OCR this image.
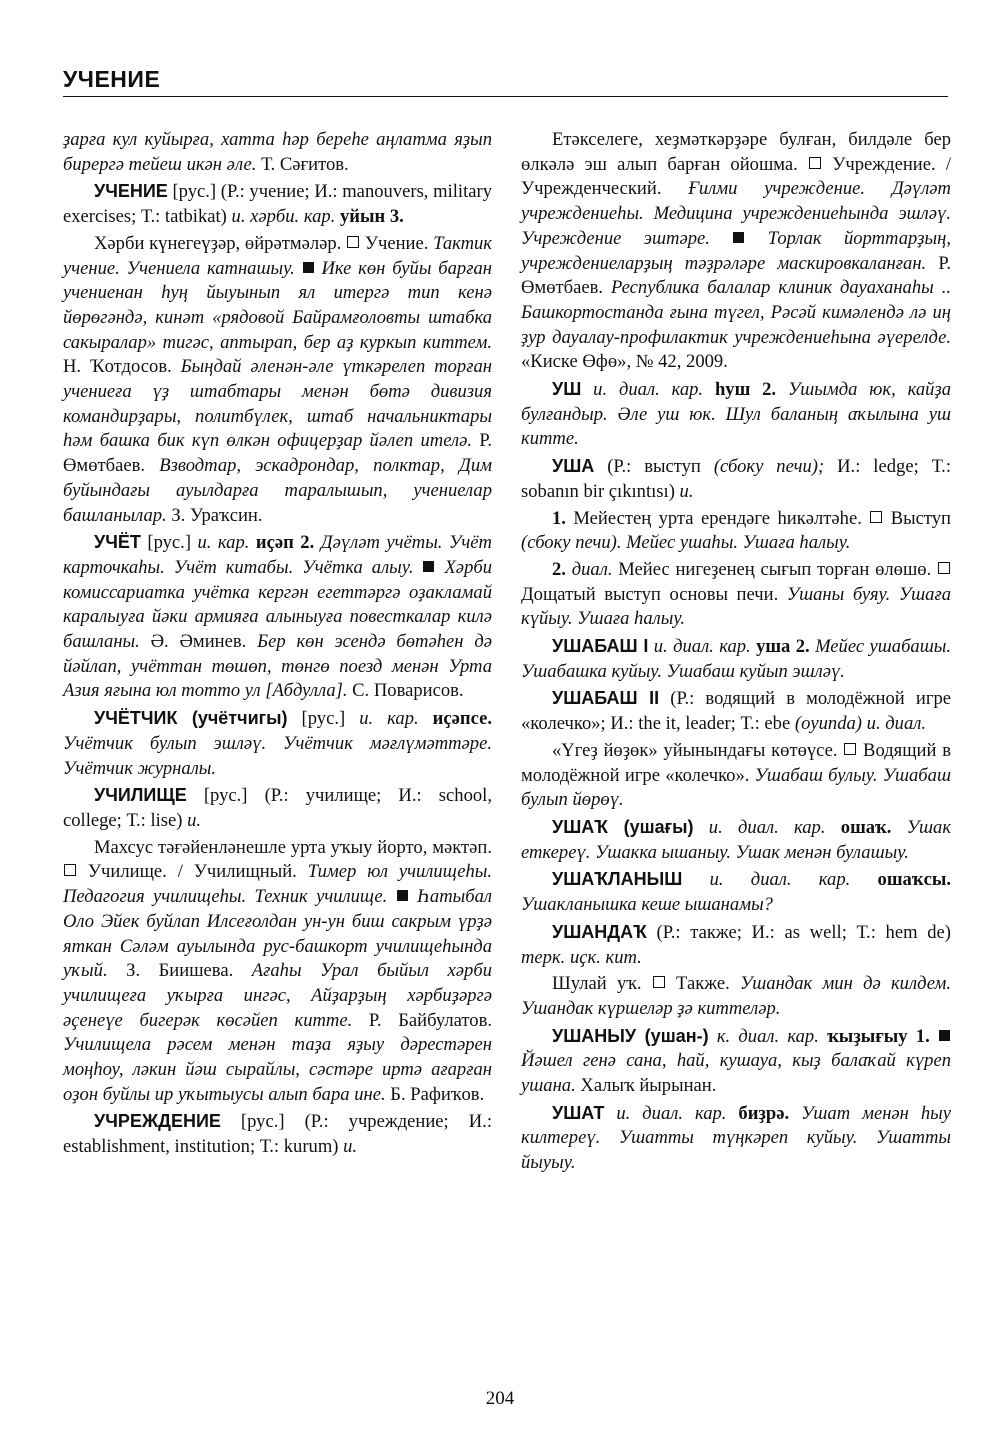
УЧЕНИЕ

ҙарға кул куйырға, хатта һәр береһе аңлатма яҙып бирергә тейеш икән әле. Т. Сәғитов.

УЧЕНИЕ [рус.] (Р.: учение; И.: manouvers, military exercises; Т.: tatbikat) и. хәрби. кар. уйын 3.

Хәрби күнегеүҙәр, өйрәтмәләр.  Учение. Тактик учение. Учениела катнашыу. Ике көн буйы барған учениенан һуң йыуынып ял итергә тип кенә йөрөгәндә, кинәт «рядовой Байрамғоловты штабка сакыралар» тигәс, аптырап, бер аҙ куркып киттем. Н. Ҡотдосов. Быңдай әленән-әле үткәрелеп торған учениеға үҙ штабтары менән бөтә дивизия командирҙары, политбүлек, штаб начальниктары һәм башка бик күп өлкән офицерҙар йәлеп ителә. Р. Өмөтбаев. Взводтар, эскадрондар, полктар, Дим буйындағы ауылдарға таралышып, учениелар башланылар. З. Ураҡсин.

УЧЁТ [рус.] и. кар. иҫәп 2. Дәүләт учёты. Учёт карточкаһы. Учёт китабы. Учётка алыу. Хәрби комиссариатка учётка кергән егеттәргә оҙакламай каралыуға йәки армияға алыныуға повесткалар килә башланы. Ә. Әминев. Бер көн эсендә бөтәһен дә йәйлап, учёттан төшөп, төнгө поезд менән Урта Азия яғына юл тотто ул [Абдулла]. С. Поварисов.

УЧЁТЧИК (учётчигы) [рус.] и. кар. иҫәпсе. Учётчик булып эшләү. Учётчик мәғлүмәттәре. Учётчик журналы.

УЧИЛИЩЕ [рус.] (Р.: училище; И.: school, college; Т.: lise) и.

Махсус тәғәйенләнешле урта уҡыу йорто, мәктәп.  Училище. / Училищный. Тимер юл училищеһы. Педагогия училищеһы. Техник училище. Һатыбал Оло Эйек буйлап Илсеғолдан ун-ун биш сакрым үрҙә яткан Сәләм ауылында рус-башкорт училищеһында уҡый. З. Биишева. Ағаһы Урал быйыл хәрби училищеға уҡырға ингәс, Айҙарҙың хәрбиҙәргә әҫенеүе бигерәк көсәйеп китте. Р. Байбулатов. Училищела рәсем менән таҙа яҙыу дәрестәрен моңһоу, ләкин йәш сырайлы, сәстәре иртә ағарған оҙон буйлы ир уҡытыусы алып бара ине. Б. Рафиҡов.

УЧРЕЖДЕНИЕ [рус.] (Р.: учреждение; И.: establishment, institution; Т.: kurum) и.

Етәкселеге, хеҙмәткәрҙәре булған, билдәле бер өлкәлә эш алып барған ойошма.  Учреждение. / Учрежденческий. Ғилми учреждение. Дәүләт учреждениеһы. Медицина учреждениеһында эшләү. Учреждение эштәре.	Торлак йорттарҙың, учреждениеларҙың тәҙрәләре маскировкаланған. Р. Өмөтбаев. Республика балалар клиник дауаханаһы .. Башкортостанда ғына түгел, Рәсәй кимәлендә лә иң ҙур дауалау-профилактик учреждениеһына әүерелде. «Киске Өфө», № 42, 2009.

УШ и. диал. кар. һуш 2. Ушымда юк, кайҙа булғандыр. Әле уш юк. Шул баланың аҡылына уш китте.

УША (Р.: выступ (сбоку печи); И.: ledge; Т.: sobanın bir çıkıntısı) и.

1. Мейестең урта ерендәге һикәлтәһе.  Выступ (сбоку печи). Мейес ушаһы. Ушаға һалыу.

2. диал. Мейес нигеҙенең сығып торған өлөшө.  Дощатый выступ основы печи. Ушаны буяу. Ушаға күйыу. Ушаға һалыу.

УШАБАШ I и. диал. кар. уша 2. Мейес ушабашы. Ушабашка куйыу. Ушабаш куйып эшләү.

УШАБАШ II (Р.: водящий в молодёжной игре «колечко»; И.: the it, leader; Т.: ebe (oyunda) и. диал.

«Үгеҙ йөҙөк» уйынындағы көтөүсе.  Водящий в молодёжной игре «колечко». Ушабаш булыу. Ушабаш булып йөрөү.

УШАҠ (ушағы) и. диал. кар. ошаҡ. Ушак еткереү. Ушакка ышаныу. Ушак менән булашыу.

УШАҠЛАНЫШ и. диал. кар. ошаҡсы. Ушакланышка кеше ышанамы?

УШАНДАҠ (Р.: также; И.: as well; Т.: hem de) терк. иҫк. кит.

Шулай уҡ.  Также. Ушандак мин дә килдем. Ушандак күршеләр ҙә киттеләр.

УШАНЫУ (ушан-) к. диал. кар. ҡыҙығыу 1.  Йәшел генә сана, һай, кушауа, кыҙ балаҡай күреп ушана. Халыҡ йырынан.

УШАТ и. диал. кар. биҙрә. Ушат менән һыу килтереү. Ушатты түңкәреп куйыу. Ушатты йыуыу.

204
